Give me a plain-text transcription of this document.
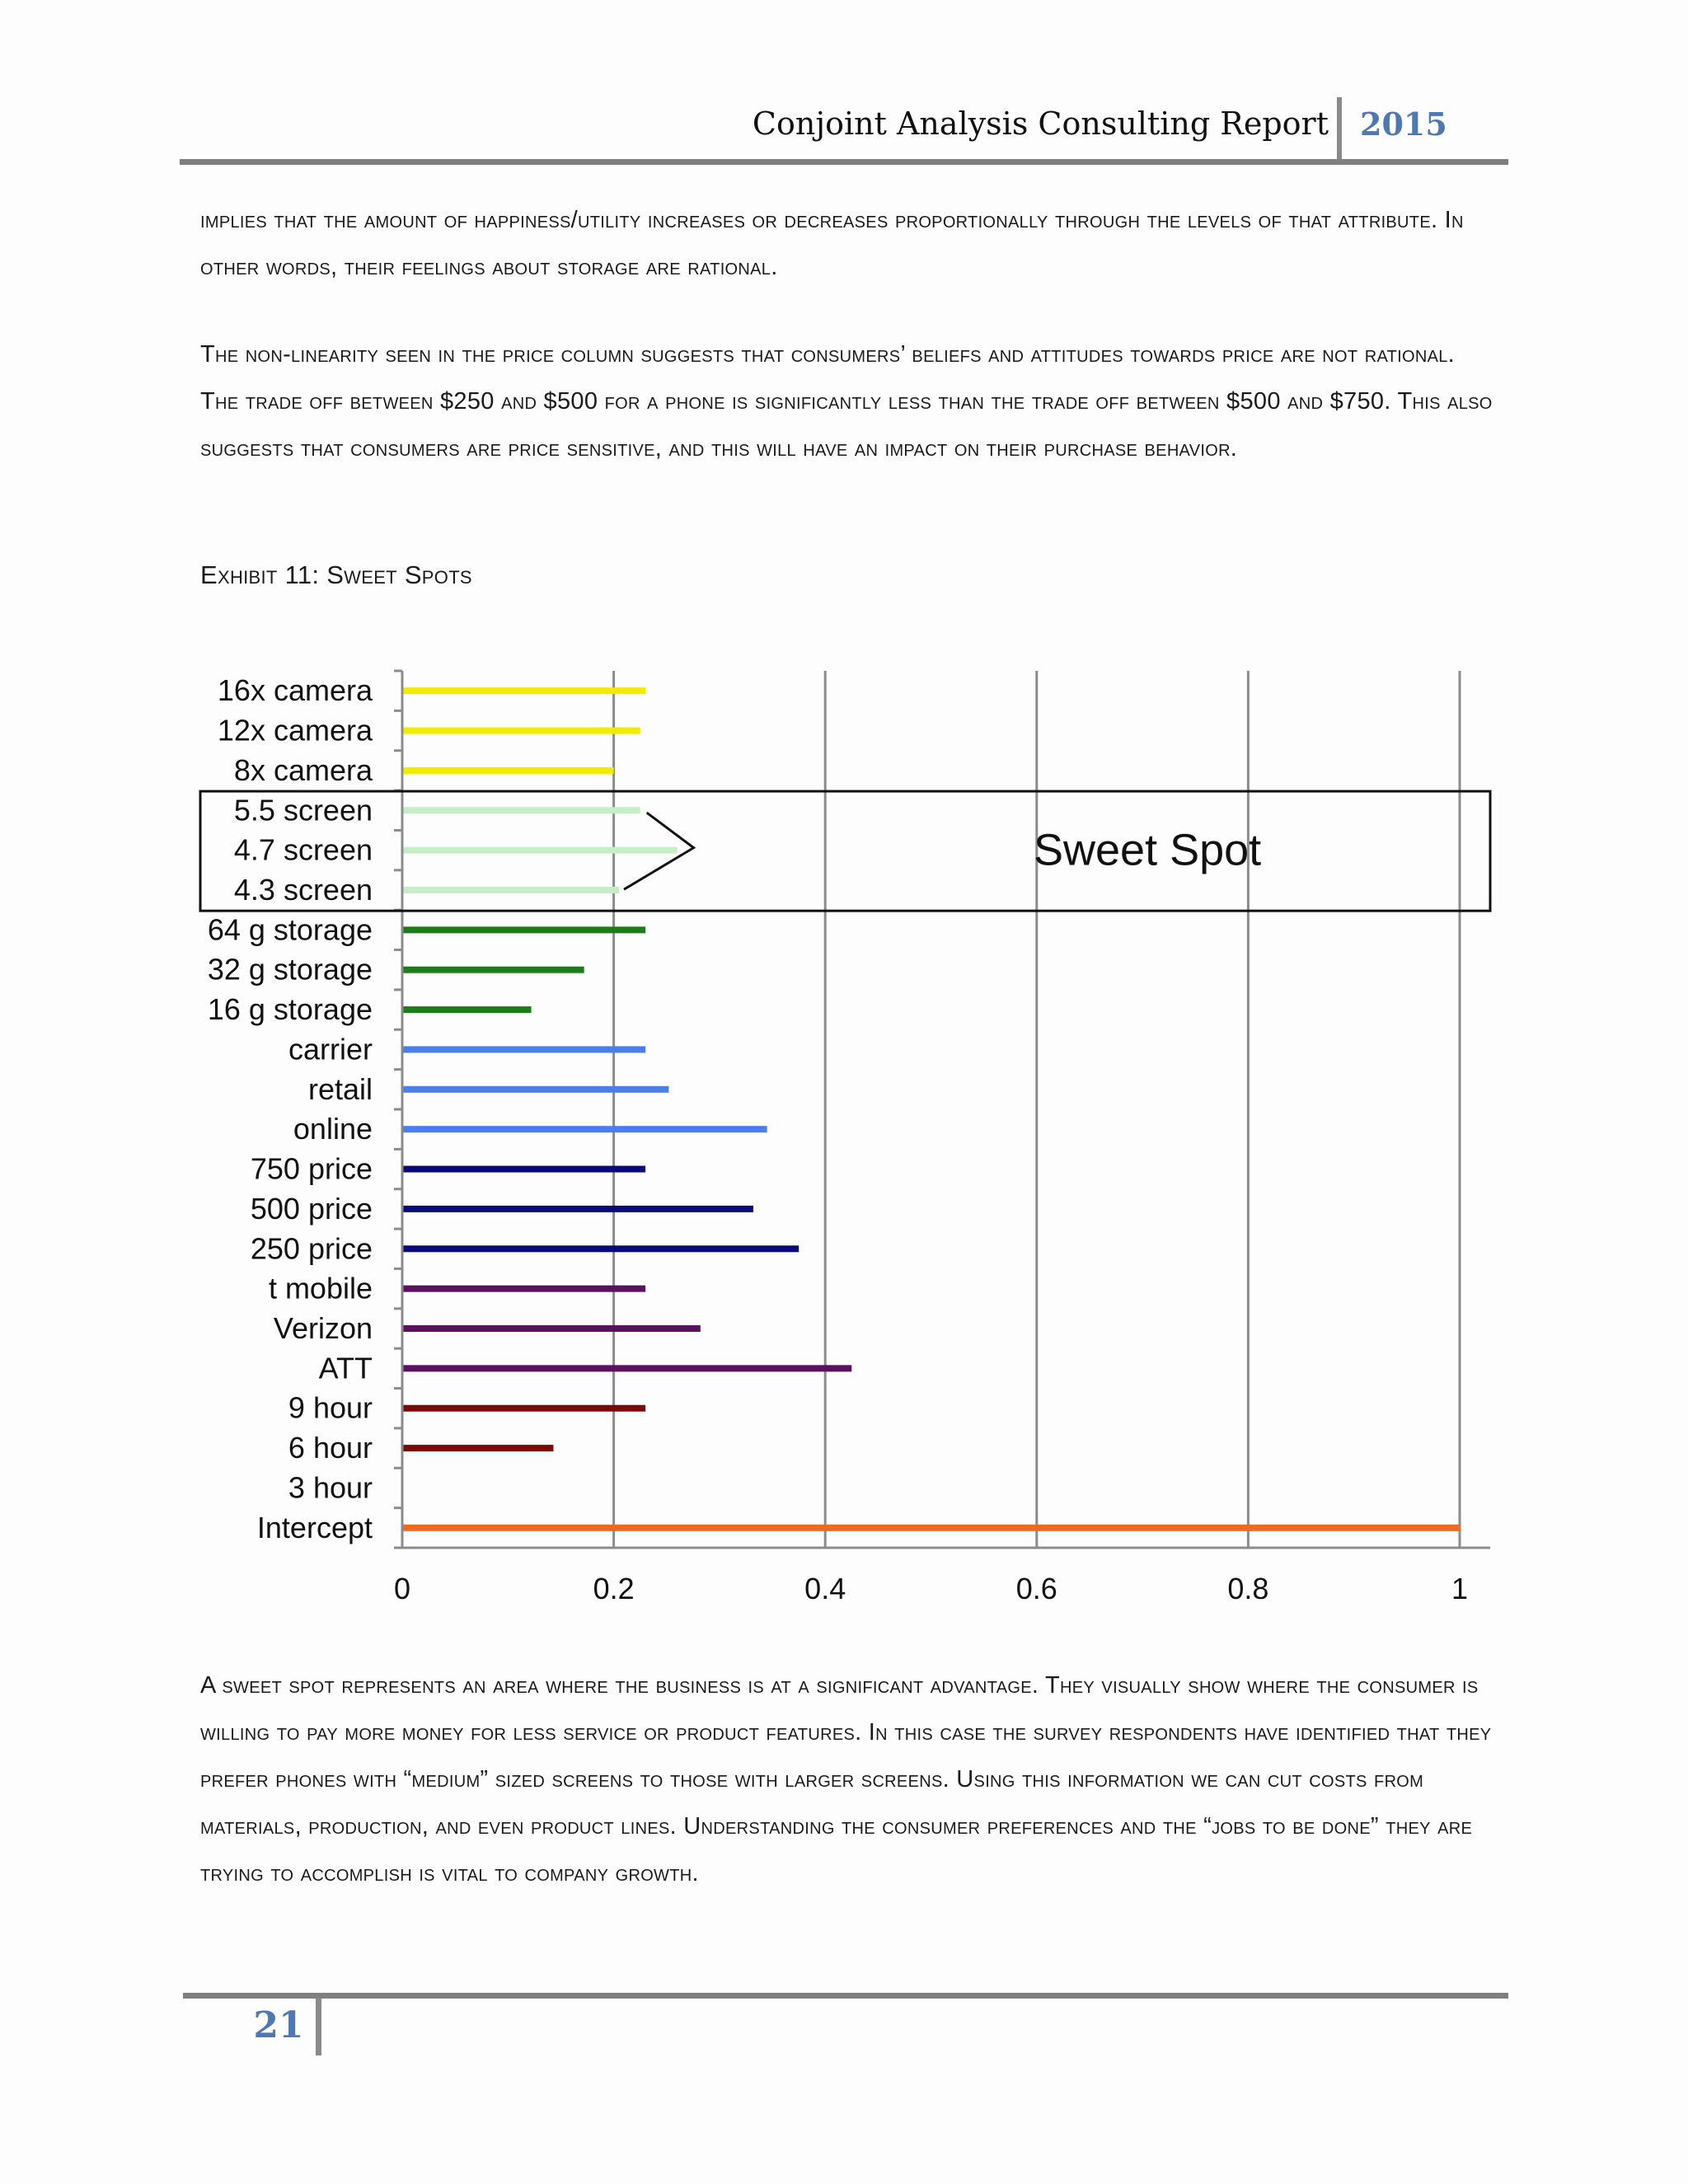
Conjoint Analysis Consulting Report 2015

implies that the amount of happiness/utility increases or decreases proportionally through the levels of that attribute. In other words, their feelings about storage are rational.

The non-linearity seen in the price column suggests that consumers’ beliefs and attitudes towards price are not rational. The trade off between $250 and $500 for a phone is significantly less than the trade off between $500 and $750. This also suggests that consumers are price sensitive, and this will have an impact on their purchase behavior.

Exhibit 11: Sweet Spots

16x camera
12x camera
8x camera
5.5 screen
4.7 screen
4.3 screen
64 g storage
32 g storage
16 g storage
carrier
retail
online
750 price
500 price
250 price
t mobile
Verizon
ATT
9 hour
6 hour
3 hour
Intercept
0	0.2	0.4	0.6	0.8	1
Sweet Spot

A sweet spot represents an area where the business is at a significant advantage. They visually show where the consumer is willing to pay more money for less service or product features. In this case the survey respondents have identified that they prefer phones with “medium” sized screens to those with larger screens. Using this information we can cut costs from materials, production, and even product lines. Understanding the consumer preferences and the “jobs to be done” they are trying to accomplish is vital to company growth.

21
